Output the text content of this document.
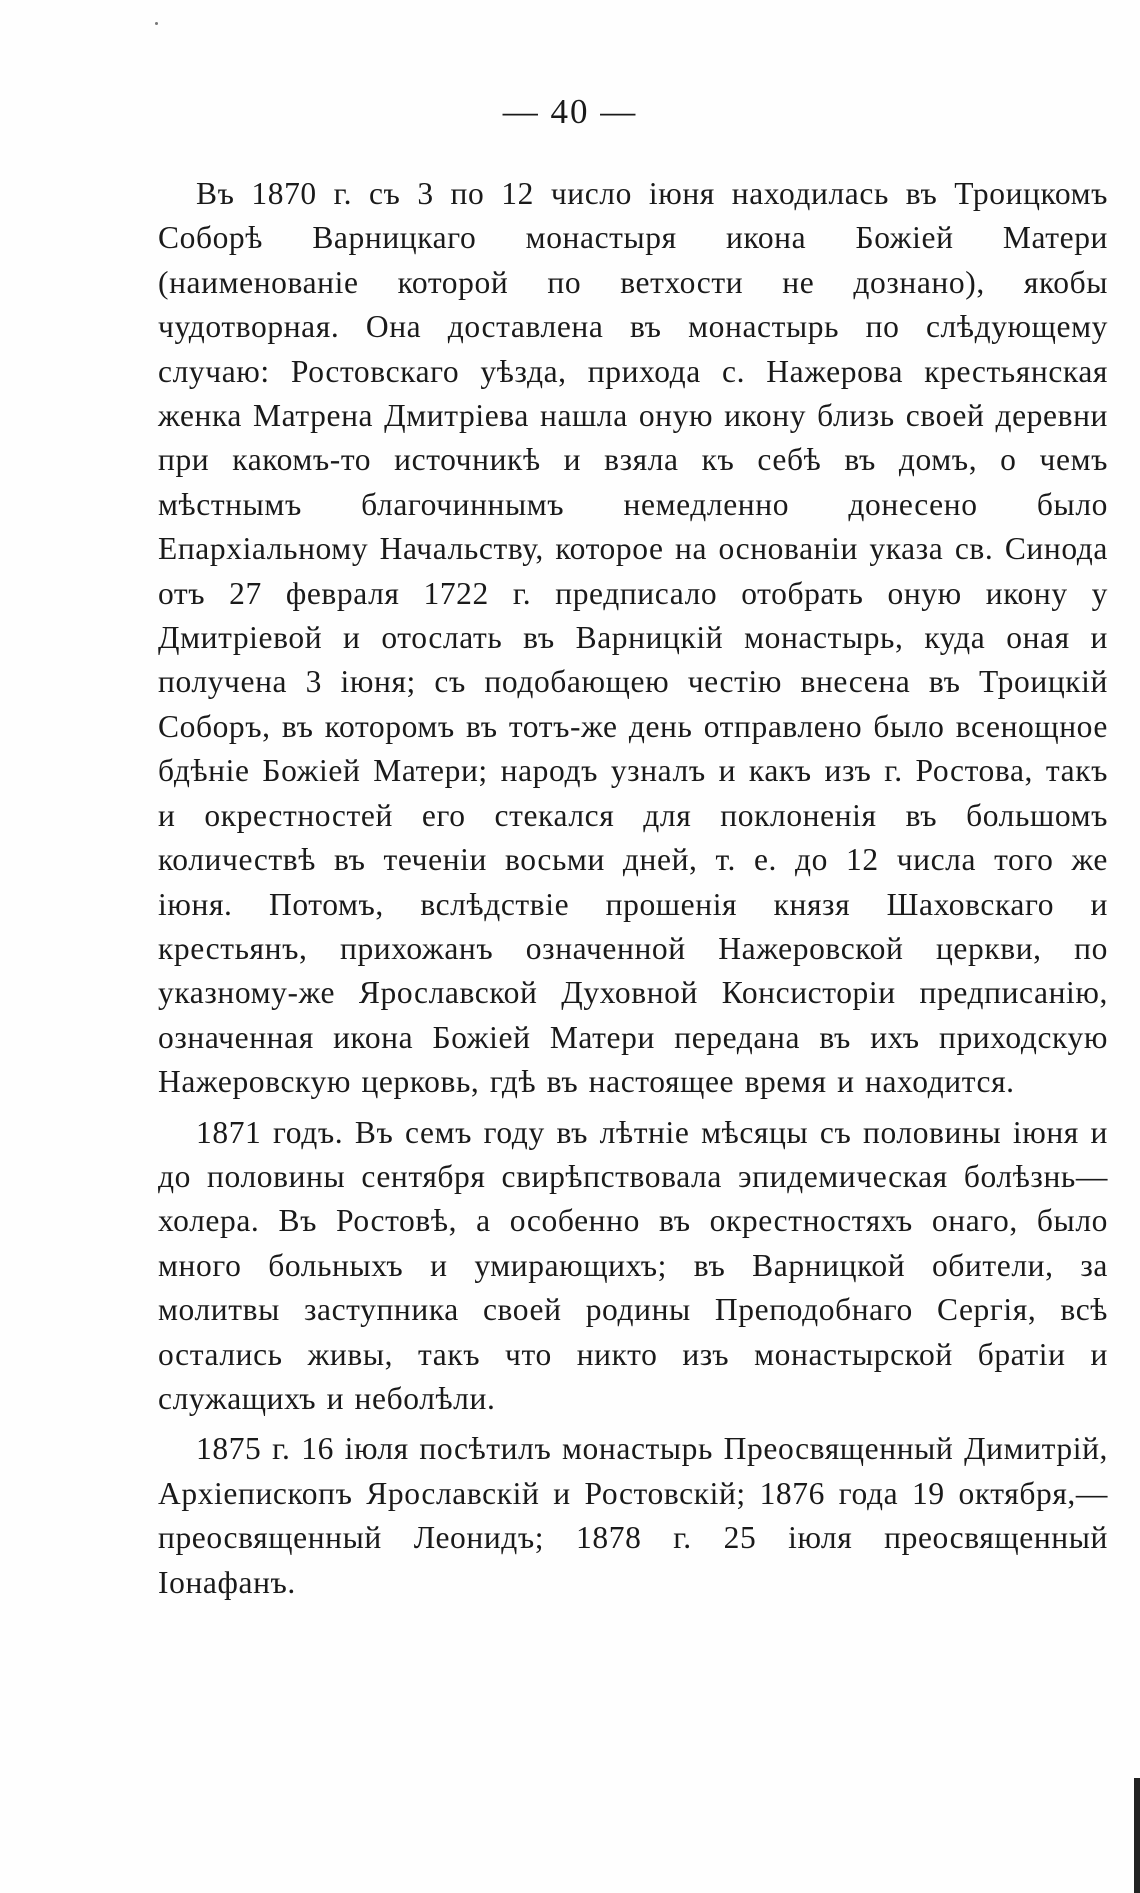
— 40 —

Въ 1870 г. съ 3 по 12 число іюня находилась въ Троицкомъ Соборѣ Варницкаго монастыря икона Божіей Матери (наименованіе которой по ветхости не дознано), якобы чудотворная. Она доставлена въ монастырь по слѣдующему случаю: Ростовскаго уѣзда, прихода с. Нажерова крестьянская женка Матрена Дмитріева нашла оную икону близь своей деревни при какомъ-то источникѣ и взяла къ себѣ въ домъ, о чемъ мѣстнымъ благочиннымъ немедленно донесено было Епархіальному Начальству, которое на основаніи указа св. Синода отъ 27 февраля 1722 г. предписало отобрать оную икону у Дмитріевой и отослать въ Варницкій монастырь, куда оная и получена 3 іюня; съ подобающею честію внесена въ Троицкій Соборъ, въ которомъ въ тотъ-же день отправлено было всенощное бдѣніе Божіей Матери; народъ узналъ и какъ изъ г. Ростова, такъ и окрестностей его стекался для поклоненія въ большомъ количествѣ въ теченіи восьми дней, т. е. до 12 числа того же іюня. Потомъ, вслѣдствіе прошенія князя Шаховскаго и крестьянъ, прихожанъ означенной Нажеровской церкви, по указному-же Ярославской Духовной Консисторіи предписанію, означенная икона Божіей Матери передана въ ихъ приходскую Нажеровскую церковь, гдѣ въ настоящее время и находится.

1871 годъ. Въ семъ году въ лѣтніе мѣсяцы съ половины іюня и до половины сентября свирѣпствовала эпидемическая болѣзнь—холера. Въ Ростовѣ, а особенно въ окрестностяхъ онаго, было много больныхъ и умирающихъ; въ Варницкой обители, за молитвы заступника своей родины Преподобнаго Сергія, всѣ остались живы, такъ что никто изъ монастырской братіи и служащихъ и неболѣли.

1875 г. 16 іюля посѣтилъ монастырь Преосвященный Димитрій, Архіепископъ Ярославскій и Ростовскій; 1876 года 19 октября,—преосвященный Леонидъ; 1878 г. 25 іюля преосвященный Іонафанъ.
